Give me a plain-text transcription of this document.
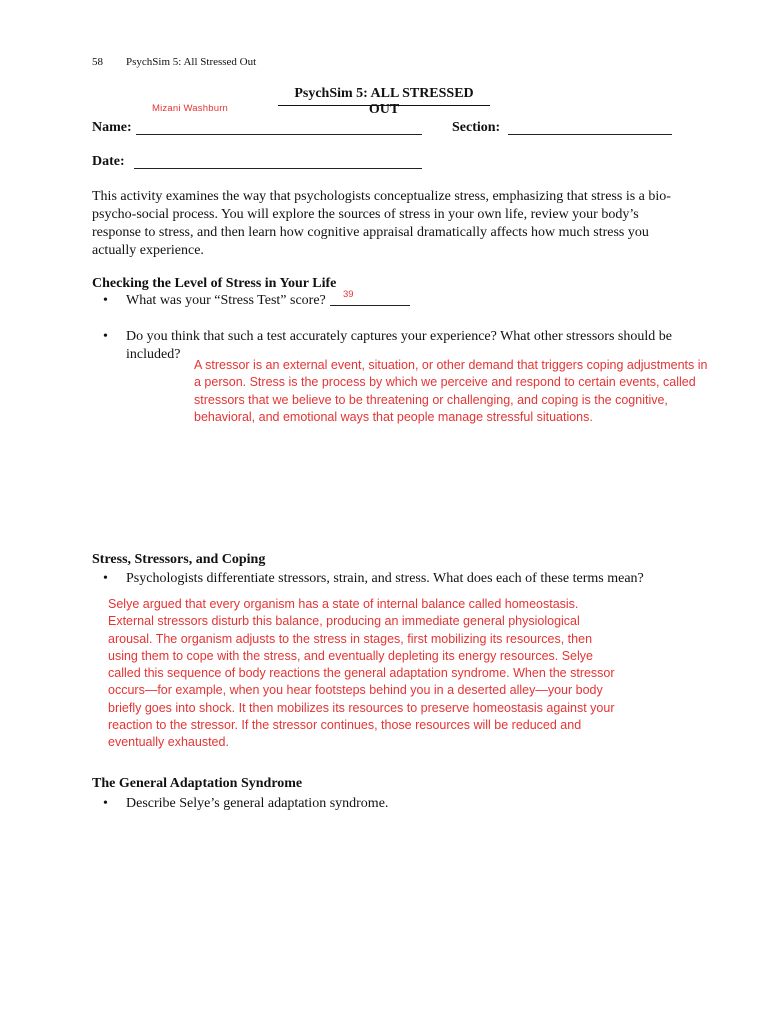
58 PsychSim 5: All Stressed Out
PsychSim 5: ALL STRESSED OUT
Mizani Washburn
Name:	Section:
Date:
This activity examines the way that psychologists conceptualize stress, emphasizing that stress is a bio-psycho-social process. You will explore the sources of stress in your own life, review your body’s response to stress, and then learn how cognitive appraisal dramatically affects how much stress you actually experience.
Checking the Level of Stress in Your Life
• What was your “Stress Test” score? 39
• Do you think that such a test accurately captures your experience? What other stressors should be included?
A stressor is an external event, situation, or other demand that triggers coping adjustments in a person. Stress is the process by which we perceive and respond to certain events, called stressors that we believe to be threatening or challenging, and coping is the cognitive, behavioral, and emotional ways that people manage stressful situations.
Stress, Stressors, and Coping
• Psychologists differentiate stressors, strain, and stress. What does each of these terms mean?
Selye argued that every organism has a state of internal balance called homeostasis. External stressors disturb this balance, producing an immediate general physiological arousal. The organism adjusts to the stress in stages, first mobilizing its resources, then using them to cope with the stress, and eventually depleting its energy resources. Selye called this sequence of body reactions the general adaptation syndrome. When the stressor occurs—for example, when you hear footsteps behind you in a deserted alley—your body briefly goes into shock. It then mobilizes its resources to preserve homeostasis against your reaction to the stressor. If the stressor continues, those resources will be reduced and eventually exhausted.
The General Adaptation Syndrome
• Describe Selye’s general adaptation syndrome.
